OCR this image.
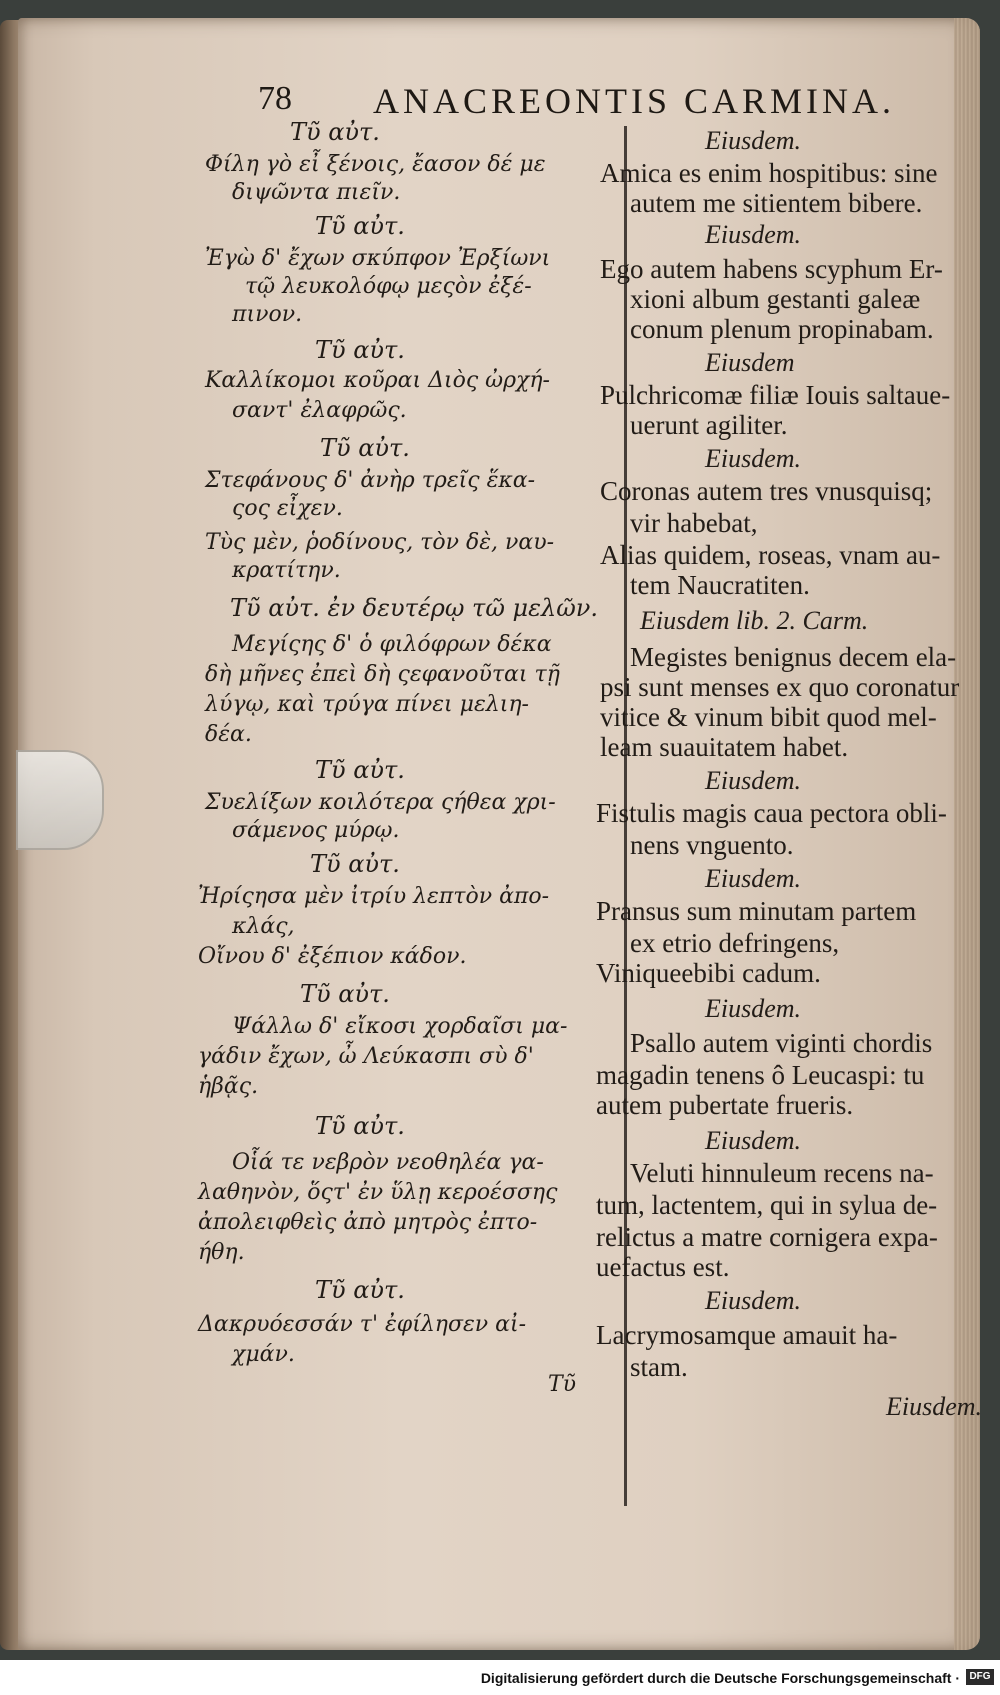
78 ANACREONTIS CARMINA.
Τῦ αὐτ.
Φίλη γὸ εἶ ξένοις, ἔασον δέ με
διψῶντα πιεῖν.
Τῦ αὐτ.
Ἐγὼ δ' ἔχων σκύπφον Ἐρξίωνι
τῷ λευκολόφῳ μεςὸν ἐξέ-
πινον.
Τῦ αὐτ.
Καλλίκομοι κοῦραι Διὸς ὠρχή-
σαντ' ἐλαφρῶς.
Τῦ αὐτ.
Στεφάνους δ' ἀνὴρ τρεῖς ἕκα-
ςος εἶχεν.
Τὺς μὲν, ῥοδίνους, τὸν δὲ, ναυ-
κρατίτην.
Τῦ αὐτ. ἐν δευτέρῳ τῶ μελῶν.
Μεγίςης δ' ὁ φιλόφρων δέκα
δὴ μῆνες ἐπεὶ δὴ ςεφανοῦται τῇ
λύγῳ, καὶ τρύγα πίνει μελιη-
δέα.
Τῦ αὐτ.
Συελίξων κοιλότερα ςήθεα χρι-
σάμενος μύρῳ.
Τῦ αὐτ.
Ἠρίςησα μὲν ἰτρίυ λεπτὸν ἀπο-
κλάς,
Οἴνου δ' ἐξέπιον κάδον.
Τῦ αὐτ.
Ψάλλω δ' εἴκοσι χορδαῖσι μα-
γάδιν ἔχων, ὦ Λεύκασπι σὺ δ'
ἡβᾷς.
Τῦ αὐτ.
Οἷά τε νεβρὸν νεοθηλέα γα-
λαθηνὸν, ὅςτ' ἐν ὕλῃ κεροέσσης
ἀπολειφθεὶς ἀπὸ μητρὸς ἐπτο-
ήθη.
Τῦ αὐτ.
Δακρυόεσσάν τ' ἐφίλησεν αἰ-
χμάν.
Eiusdem.
Amica es enim hospitibus: sine
autem me sitientem bibere.
Eiusdem.
Ego autem habens scyphum Er-
xioni album gestanti galeæ
conum plenum propinabam.
Eiusdem
Pulchricomæ filiæ Iouis saltaue-
uerunt agiliter.
Eiusdem.
Coronas autem tres vnusquisq;
vir habebat,
Alias quidem, roseas, vnam au-
tem Naucratiten.
Eiusdem lib. 2. Carm.
Megistes benignus decem ela-
psi sunt menses ex quo coronatur
vitice & vinum bibit quod mel-
leam suauitatem habet.
Eiusdem.
Fistulis magis caua pectora obli-
nens vnguento.
Eiusdem.
Pransus sum minutam partem
ex etrio defringens,
Viniqueebibi cadum.
Eiusdem.
Psallo autem viginti chordis
magadin tenens ô Leucaspi: tu
autem pubertate frueris.
Eiusdem.
Veluti hinnuleum recens na-
tum, lactentem, qui in sylua de-
relictus a matre cornigera expa-
uefactus est.
Eiusdem.
Lacrymosamque amauit ha-
stam.
Τῦ
Eiusdem.
Digitalisierung gefördert durch die Deutsche Forschungsgemeinschaft · DFG
